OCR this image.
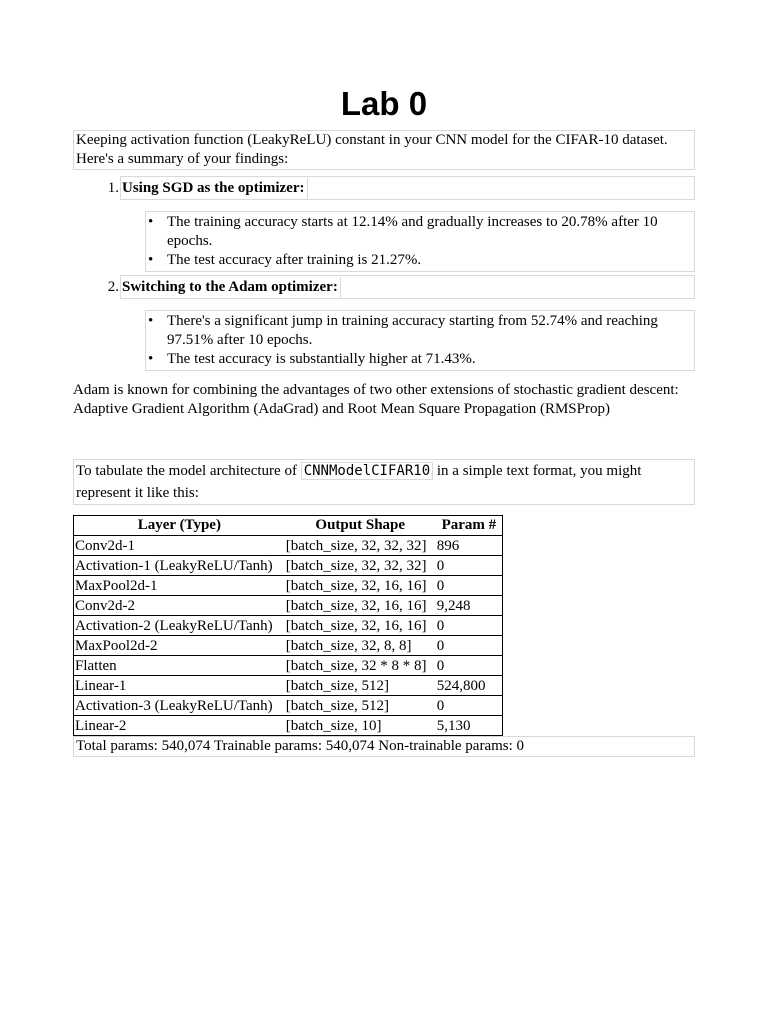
Lab 0
Keeping activation function (LeakyReLU) constant in your CNN model for the CIFAR-10 dataset. Here's a summary of your findings:
1. Using SGD as the optimizer:
• The training accuracy starts at 12.14% and gradually increases to 20.78% after 10 epochs.
• The test accuracy after training is 21.27%.
2. Switching to the Adam optimizer:
• There's a significant jump in training accuracy starting from 52.74% and reaching 97.51% after 10 epochs.
• The test accuracy is substantially higher at 71.43%.

Adam is known for combining the advantages of two other extensions of stochastic gradient descent: Adaptive Gradient Algorithm (AdaGrad) and Root Mean Square Propagation (RMSProp)

To tabulate the model architecture of CNNModelCIFAR10 in a simple text format, you might represent it like this:
Layer (Type)	Output Shape	Param #
Conv2d-1	[batch_size, 32, 32, 32]	896
Activation-1 (LeakyReLU/Tanh)	[batch_size, 32, 32, 32]	0
MaxPool2d-1	[batch_size, 32, 16, 16]	0
Conv2d-2	[batch_size, 32, 16, 16]	9,248
Activation-2 (LeakyReLU/Tanh)	[batch_size, 32, 16, 16]	0
MaxPool2d-2	[batch_size, 32, 8, 8]	0
Flatten	[batch_size, 32 * 8 * 8]	0
Linear-1	[batch_size, 512]	524,800
Activation-3 (LeakyReLU/Tanh)	[batch_size, 512]	0
Linear-2	[batch_size, 10]	5,130
Total params: 540,074 Trainable params: 540,074 Non-trainable params: 0
